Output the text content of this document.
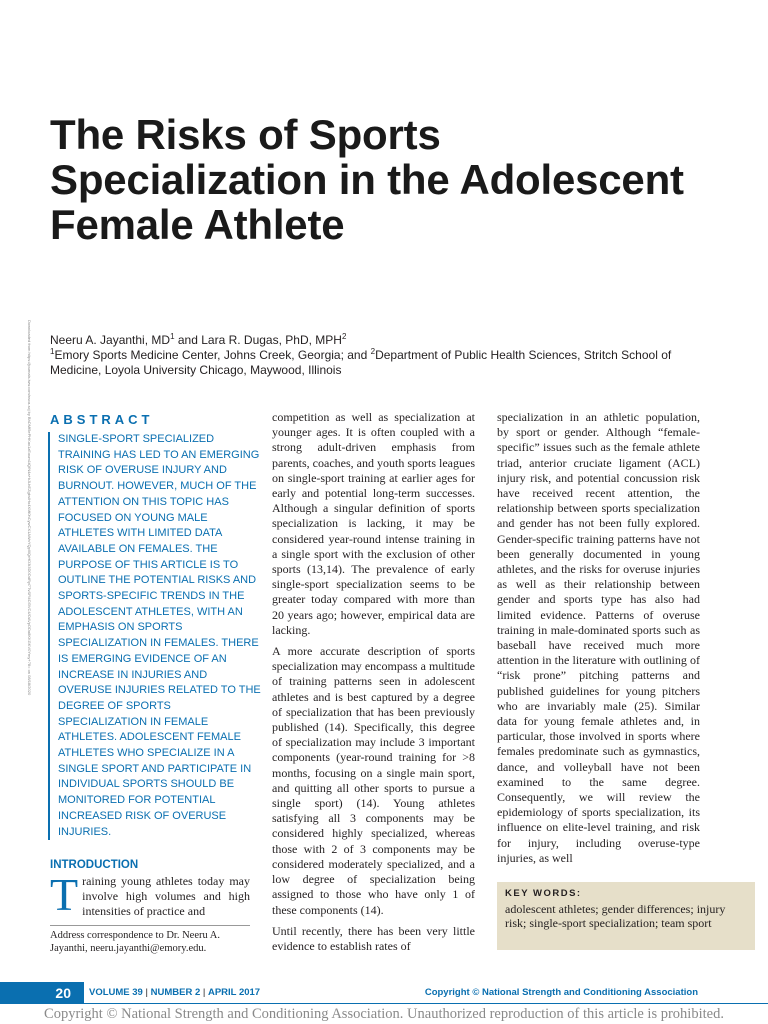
The Risks of Sports Specialization in the Adolescent Female Athlete
Downloaded from https://journals.lww.com/nsca-scj by BhDMf5ePHKav1zEoum1tQfN4a+kJLhEZgbsIHo4XMi0hCywCX1AWnYQp/IlQrHD3i3D0OdRyi7TvSFl4Cf3VC4/OAVpDDa8KKGKV0Ymy+78= on 08/18/2020 Neeru A. Jayanthi, $MD^1$ and Lara R. Dugas, PhD, MPH$^2$
$^1$Emory Sports Medicine Center, Johns Creek, Georgia; and $^2$Department of Public Health Sciences, Stritch School of Medicine, Loyola University Chicago, Maywood, Illinois
ABSTRACT
SINGLE-SPORT SPECIALIZED TRAINING HAS LED TO AN EMERGING RISK OF OVERUSE INJURY AND BURNOUT. HOWEVER, MUCH OF THE ATTENTION ON THIS TOPIC HAS FOCUSED ON YOUNG MALE ATHLETES WITH LIMITED DATA AVAILABLE ON FEMALES. THE PURPOSE OF THIS ARTICLE IS TO OUTLINE THE POTENTIAL RISKS AND SPORTS-SPECIFIC TRENDS IN THE ADOLESCENT ATHLETES, WITH AN EMPHASIS ON SPORTS SPECIALIZATION IN FEMALES. THERE IS EMERGING EVIDENCE OF AN INCREASE IN INJURIES AND OVERUSE INJURIES RELATED TO THE DEGREE OF SPORTS SPECIALIZATION IN FEMALE ATHLETES. ADOLESCENT FEMALE ATHLETES WHO SPECIALIZE IN A SINGLE SPORT AND PARTICIPATE IN INDIVIDUAL SPORTS SHOULD BE MONITORED FOR POTENTIAL INCREASED RISK OF OVERUSE INJURIES.
INTRODUCTION

Training young athletes today may involve high volumes and high intensities of practice and

Address correspondence to Dr. Neeru A. Jayanthi, neeru.jayanthi@emory.edu.

competition as well as specialization at younger ages. It is often coupled with a strong adult-driven emphasis from parents, coaches, and youth sports leagues on single-sport training at earlier ages for early and potential long-term successes. Although a singular definition of sports specialization is lacking, it may be considered year-round intense training in a single sport with the exclusion of other sports (13,14). The prevalence of early single-sport specialization seems to be greater today compared with more than 20 years ago; however, empirical data are lacking.

A more accurate description of sports specialization may encompass a multitude of training patterns seen in adolescent athletes and is best captured by a degree of specialization that has been previously published (14). Specifically, this degree of specialization may include 3 important components (year-round training for >8 months, focusing on a single main sport, and quitting all other sports to pursue a single sport) (14). Young athletes satisfying all 3 components may be considered highly specialized, whereas those with 2 of 3 components may be considered moderately specialized, and a low degree of specialization being assigned to those who have only 1 of these components (14).

Until recently, there has been very little evidence to establish rates of

specialization in an athletic population, by sport or gender. Although “female-specific” issues such as the female athlete triad, anterior cruciate ligament (ACL) injury risk, and potential concussion risk have received recent attention, the relationship between sports specialization and gender has not been fully explored. Gender-specific training patterns have not been generally documented in young athletes, and the risks for overuse injuries as well as their relationship between gender and sports type has also had limited evidence. Patterns of overuse training in male-dominated sports such as baseball have received much more attention in the literature with outlining of “risk prone” pitching patterns and published guidelines for young pitchers who are invariably male (25). Similar data for young female athletes and, in particular, those involved in sports where females predominate such as gymnastics, dance, and volleyball have not been examined to the same degree. Consequently, we will review the epidemiology of sports specialization, its influence on elite-level training, and risk for injury, including overuse-type injuries, as well

KEY WORDS:
adolescent athletes; gender differences; injury risk; single-sport specialization; team sport
20	VOLUME 39 | NUMBER 2 | APRIL 2017	Copyright © National Strength and Conditioning Association
Copyright © National Strength and Conditioning Association. Unauthorized reproduction of this article is prohibited.
